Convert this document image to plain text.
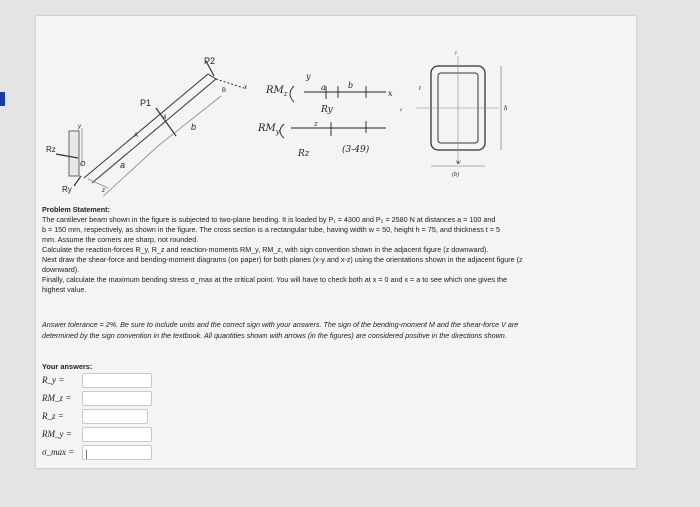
P2
P1
b
a
B
A
x
y
z
Rz
Ry
O
4
$RM_z$
$RM_y$
y
x
z
a	b
Ry
Rz	(3-49)
t
h
w
y
z
(b)

Problem Statement:

The cantilever beam shown in the figure is subjected to two-plane bending. It is loaded by P₁ = 4300 and P₂ = 2580 N at distances a = 100 and

b = 150 mm, respectively, as shown in the figure. The cross section is a rectangular tube, having width w = 50, height h = 75, and thickness t = 5

mm. Assume the corners are sharp, not rounded.

Calculate the reaction-forces R_y, R_z and reaction-moments RM_y, RM_z, with sign convention shown in the adjacent figure (z downward).

Next draw the shear-force and bending-moment diagrams (on paper) for both planes (x-y and x-z) using the orientations shown in the adjacent figure (z

downward).

Finally, calculate the maximum bending stress σ_max at the critical point. You will have to check both at x = 0 and x = a to see which one gives the

highest value.

Answer tolerance = 2%. Be sure to include units and the correct sign with your answers. The sign of the bending-moment M and the shear-force V are
determined by the sign convention in the textbook. All quantities shown with arrows (in the figures) are considered positive in the directions shown.
Your answers:
R_y =
RM_z =
R_z =
RM_y =
σ_max =
